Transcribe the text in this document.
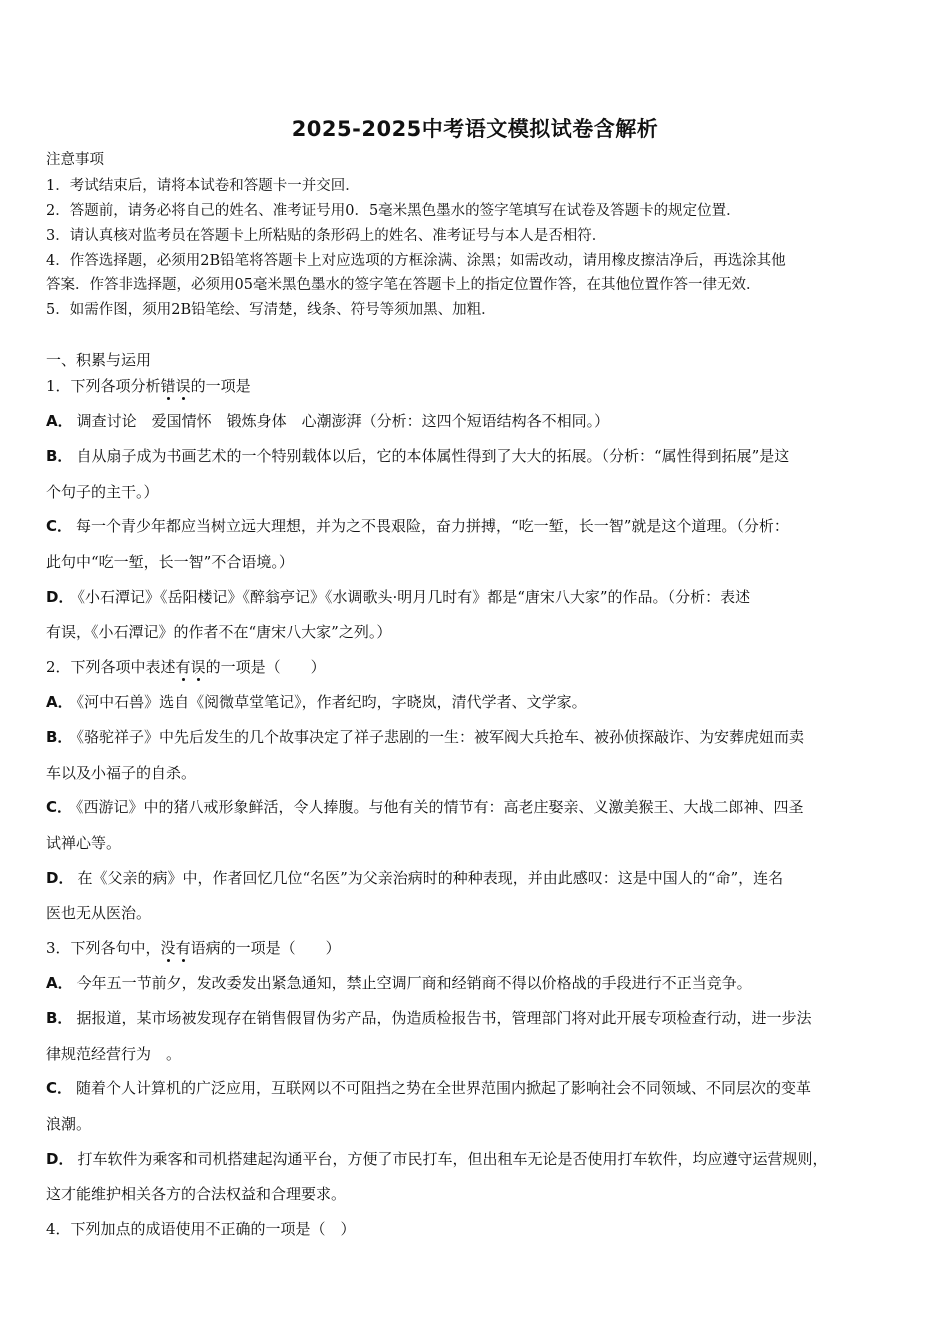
2025-2025中考语文模拟试卷含解析
注意事项
1．考试结束后，请将本试卷和答题卡一并交回．
2．答题前，请务必将自己的姓名、准考证号用0．5毫米黑色墨水的签字笔填写在试卷及答题卡的规定位置．
3．请认真核对监考员在答题卡上所粘贴的条形码上的姓名、准考证号与本人是否相符．
4．作答选择题，必须用2B铅笔将答题卡上对应选项的方框涂满、涂黑；如需改动，请用橡皮擦洁净后，再选涂其他
答案．作答非选择题，必须用05毫米黑色墨水的签字笔在答题卡上的指定位置作答，在其他位置作答一律无效．
5．如需作图，须用2B铅笔绘、写清楚，线条、符号等须加黑、加粗．
一、积累与运用
1．下列各项分析错误的一项是
A． 调查讨论　爱国情怀　锻炼身体　心潮澎湃（分析：这四个短语结构各不相同。）
B． 自从扇子成为书画艺术的一个特别载体以后，它的本体属性得到了大大的拓展。（分析：“属性得到拓展”是这
个句子的主干。）
C． 每一个青少年都应当树立远大理想，并为之不畏艰险，奋力拼搏，“吃一堑，长一智”就是这个道理。（分析：
此句中“吃一堑，长一智”不合语境。）
D． 《小石潭记》《岳阳楼记》《醉翁亭记》《水调歌头·明月几时有》都是“唐宋八大家”的作品。（分析：表述
有误，《小石潭记》的作者不在“唐宋八大家”之列。）
2．下列各项中表述有误的一项是（　　）
A． 《河中石兽》选自《阅微草堂笔记》，作者纪昀，字晓岚，清代学者、文学家。
B． 《骆驼祥子》中先后发生的几个故事决定了祥子悲剧的一生：被军阀大兵抢车、被孙侦探敲诈、为安葬虎妞而卖
车以及小福子的自杀。
C． 《西游记》中的猪八戒形象鲜活，令人捧腹。与他有关的情节有：高老庄娶亲、义激美猴王、大战二郎神、四圣
试禅心等。
D． 在《父亲的病》中，作者回忆几位“名医”为父亲治病时的种种表现，并由此感叹：这是中国人的“命”，连名
医也无从医治。
3．下列各句中，没有语病的一项是（　　）
A． 今年五一节前夕，发改委发出紧急通知，禁止空调厂商和经销商不得以价格战的手段进行不正当竞争。
B． 据报道，某市场被发现存在销售假冒伪劣产品，伪造质检报告书，管理部门将对此开展专项检查行动，进一步法
律规范经营行为　。
C． 随着个人计算机的广泛应用，互联网以不可阻挡之势在全世界范围内掀起了影响社会不同领域、不同层次的变革
浪潮。
D． 打车软件为乘客和司机搭建起沟通平台，方便了市民打车，但出租车无论是否使用打车软件，均应遵守运营规则，
这才能维护相关各方的合法权益和合理要求。
4．下列加点的成语使用不正确的一项是（　）
